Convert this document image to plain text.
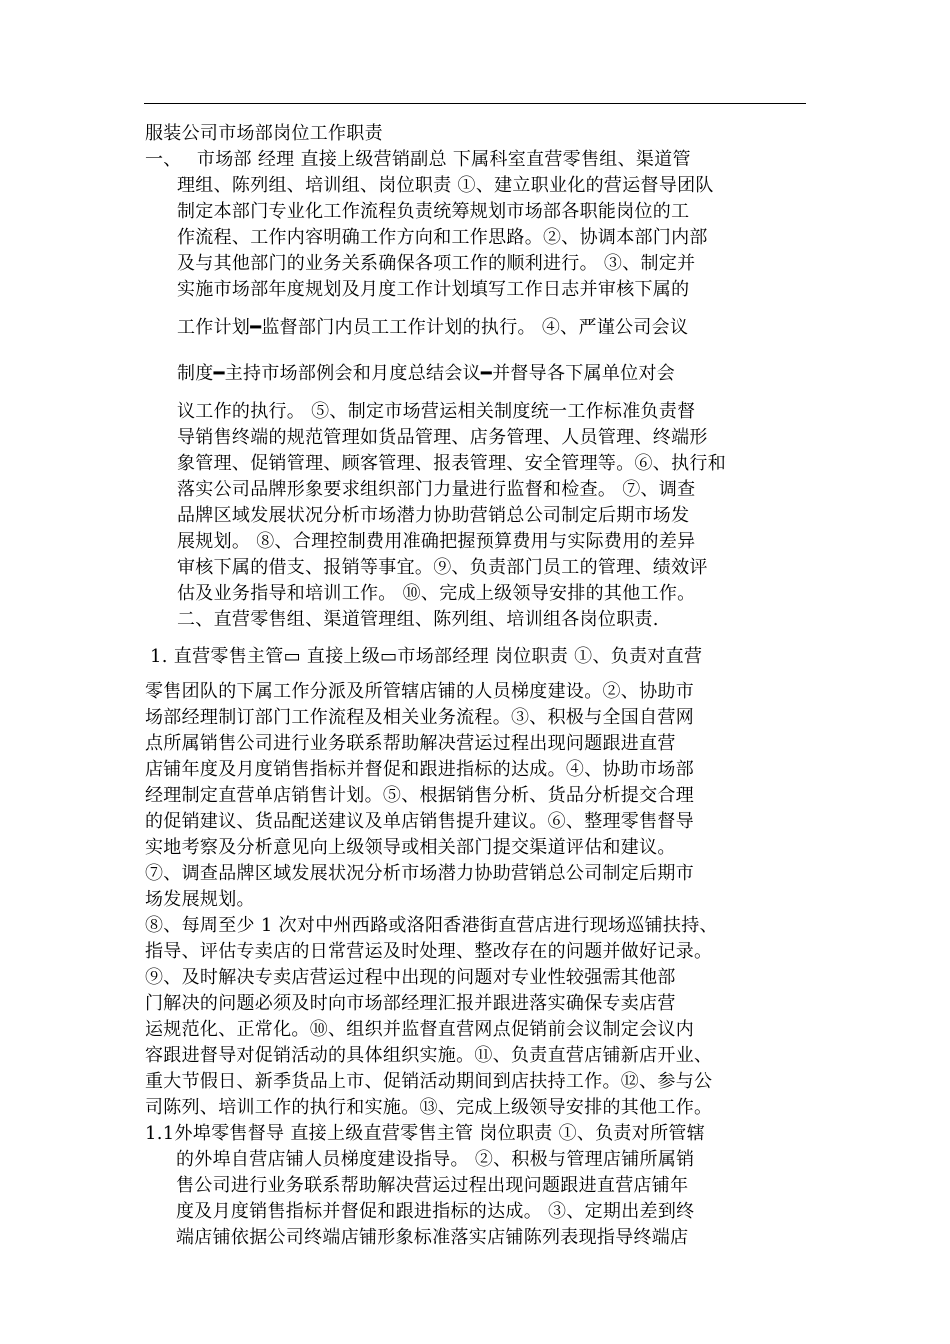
服装公司市场部岗位工作职责
一、　 市场部 经理 直接上级营销副总 下属科室直营零售组、渠道管
理组、陈列组、培训组、岗位职责 ①、建立职业化的营运督导团队
制定本部门专业化工作流程负责统筹规划市场部各职能岗位的工
作流程、工作内容明确工作方向和工作思路。②、协调本部门内部
及与其他部门的业务关系确保各项工作的顺利进行。 ③、制定并
实施市场部年度规划及月度工作计划填写工作日志并审核下属的
工作计划━监督部门内员工工作计划的执行。 ④、严谨公司会议
制度━主持市场部例会和月度总结会议━并督导各下属单位对会
议工作的执行。 ⑤、制定市场营运相关制度统一工作标准负责督
导销售终端的规范管理如货品管理、店务管理、人员管理、终端形
象管理、促销管理、顾客管理、报表管理、安全管理等。⑥、执行和
落实公司品牌形象要求组织部门力量进行监督和检查。 ⑦、调查
品牌区域发展状况分析市场潜力协助营销总公司制定后期市场发
展规划。 ⑧、合理控制费用准确把握预算费用与实际费用的差异
审核下属的借支、报销等事宜。⑨、负责部门员工的管理、绩效评
估及业务指导和培训工作。 ⑩、完成上级领导安排的其他工作。
二、直营零售组、渠道管理组、陈列组、培训组各岗位职责.
1. 直营零售主管▭ 直接上级▭市场部经理 岗位职责 ①、负责对直营
零售团队的下属工作分派及所管辖店铺的人员梯度建设。②、协助市
场部经理制订部门工作流程及相关业务流程。③、积极与全国自营网
点所属销售公司进行业务联系帮助解决营运过程出现问题跟进直营
店铺年度及月度销售指标并督促和跟进指标的达成。④、协助市场部
经理制定直营单店销售计划。⑤、根据销售分析、货品分析提交合理
的促销建议、货品配送建议及单店销售提升建议。⑥、整理零售督导
实地考察及分析意见向上级领导或相关部门提交渠道评估和建议。
⑦、调查品牌区域发展状况分析市场潜力协助营销总公司制定后期市
场发展规划。
⑧、每周至少 1 次对中州西路或洛阳香港街直营店进行现场巡铺扶持、
指导、评估专卖店的日常营运及时处理、整改存在的问题并做好记录。
⑨、及时解决专卖店营运过程中出现的问题对专业性较强需其他部
门解决的问题必须及时向市场部经理汇报并跟进落实确保专卖店营
运规范化、正常化。⑩、组织并监督直营网点促销前会议制定会议内
容跟进督导对促销活动的具体组织实施。⑪、负责直营店铺新店开业、
重大节假日、新季货品上市、促销活动期间到店扶持工作。⑫、参与公
司陈列、培训工作的执行和实施。⑬、完成上级领导安排的其他工作。
1.1外埠零售督导 直接上级直营零售主管 岗位职责 ①、负责对所管辖
的外埠自营店铺人员梯度建设指导。 ②、积极与管理店铺所属销
售公司进行业务联系帮助解决营运过程出现问题跟进直营店铺年
度及月度销售指标并督促和跟进指标的达成。 ③、定期出差到终
端店铺依据公司终端店铺形象标准落实店铺陈列表现指导终端店
